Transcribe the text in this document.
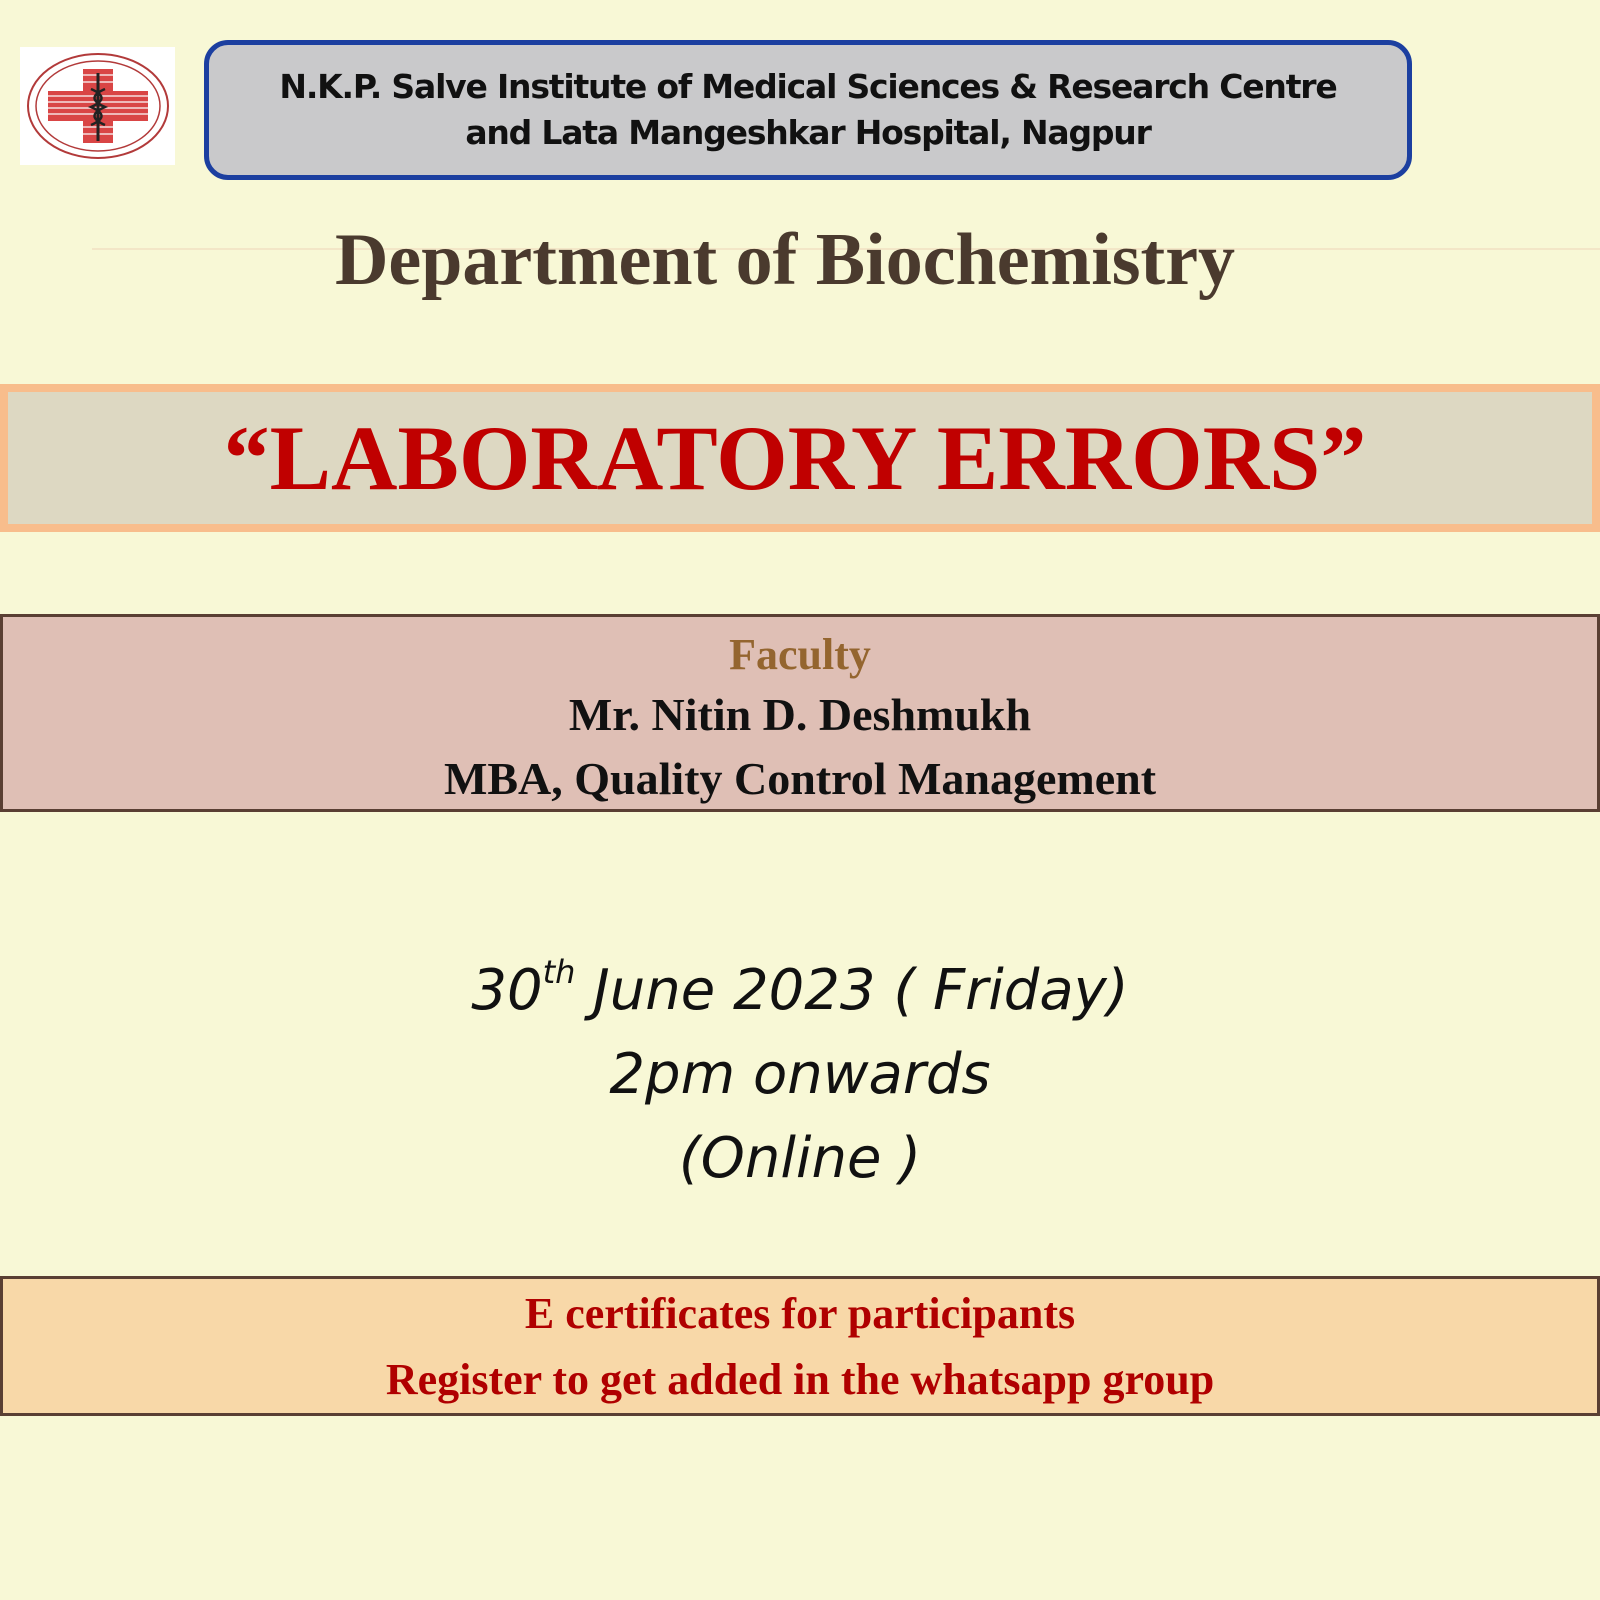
N.K.P. Salve Institute of Medical Sciences & Research Centre
and Lata Mangeshkar Hospital, Nagpur
Department of Biochemistry
“LABORATORY ERRORS”
Faculty
Mr. Nitin D. Deshmukh
MBA, Quality Control Management
30th June 2023 ( Friday)
2pm onwards
(Online )
E certificates for participants
Register to get added in the whatsapp group
